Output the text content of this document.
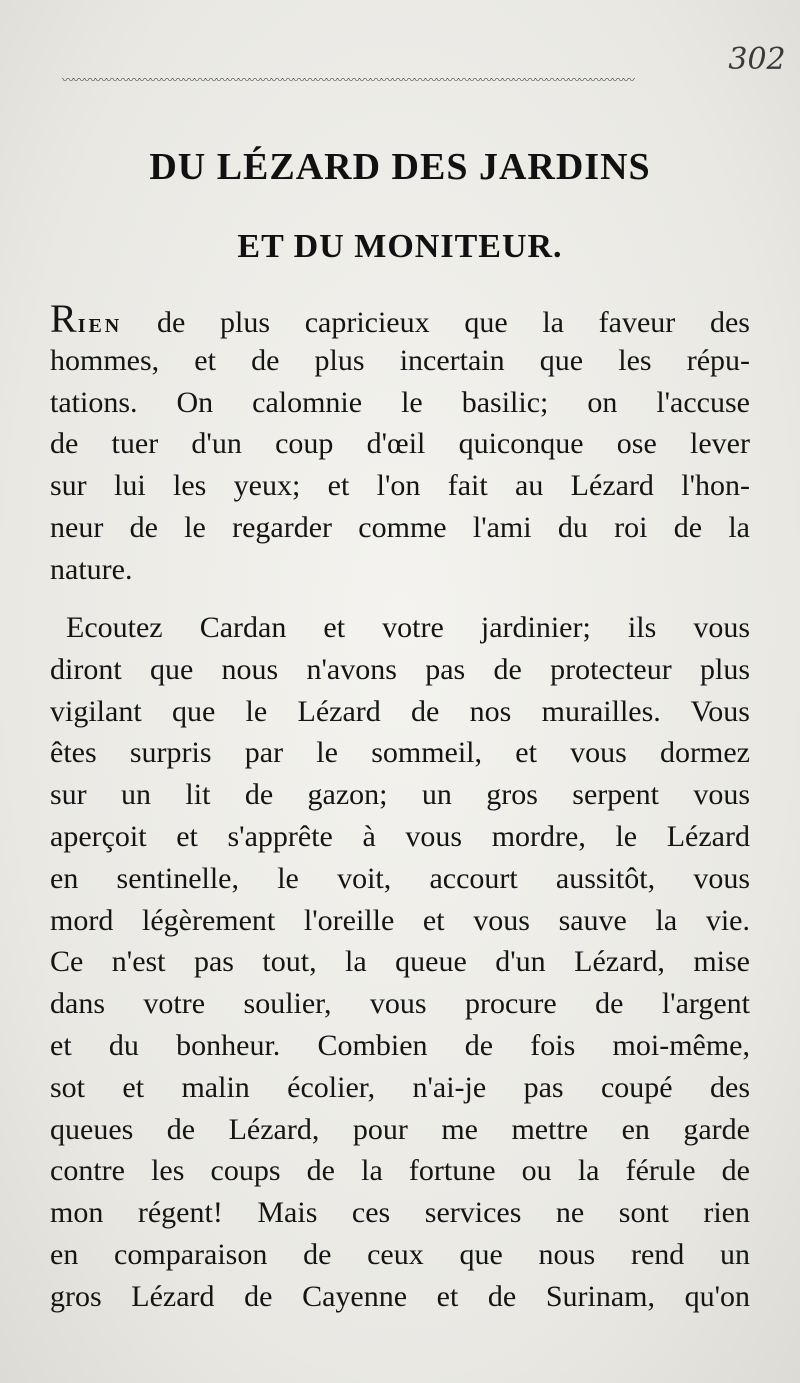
302
〰〰〰〰〰〰〰〰〰〰〰〰〰〰〰〰〰〰〰〰〰〰〰〰〰〰〰〰〰〰〰〰〰〰〰〰〰〰〰〰〰〰〰〰〰〰〰〰〰〰〰〰
DU LÉZARD DES JARDINS
ET DU MONITEUR.
RIEN de plus capricieux que la faveur des
hommes, et de plus incertain que les répu-
tations. On calomnie le basilic; on l'accuse
de tuer d'un coup d'œil quiconque ose lever
sur lui les yeux; et l'on fait au Lézard l'hon-
neur de le regarder comme l'ami du roi de la
nature.
Ecoutez Cardan et votre jardinier; ils vous
diront que nous n'avons pas de protecteur plus
vigilant que le Lézard de nos murailles. Vous
êtes surpris par le sommeil, et vous dormez
sur un lit de gazon; un gros serpent vous
aperçoit et s'apprête à vous mordre, le Lézard
en sentinelle, le voit, accourt aussitôt, vous
mord légèrement l'oreille et vous sauve la vie.
Ce n'est pas tout, la queue d'un Lézard, mise
dans votre soulier, vous procure de l'argent
et du bonheur. Combien de fois moi-même,
sot et malin écolier, n'ai-je pas coupé des
queues de Lézard, pour me mettre en garde
contre les coups de la fortune ou la férule de
mon régent! Mais ces services ne sont rien
en comparaison de ceux que nous rend un
gros Lézard de Cayenne et de Surinam, qu'on
